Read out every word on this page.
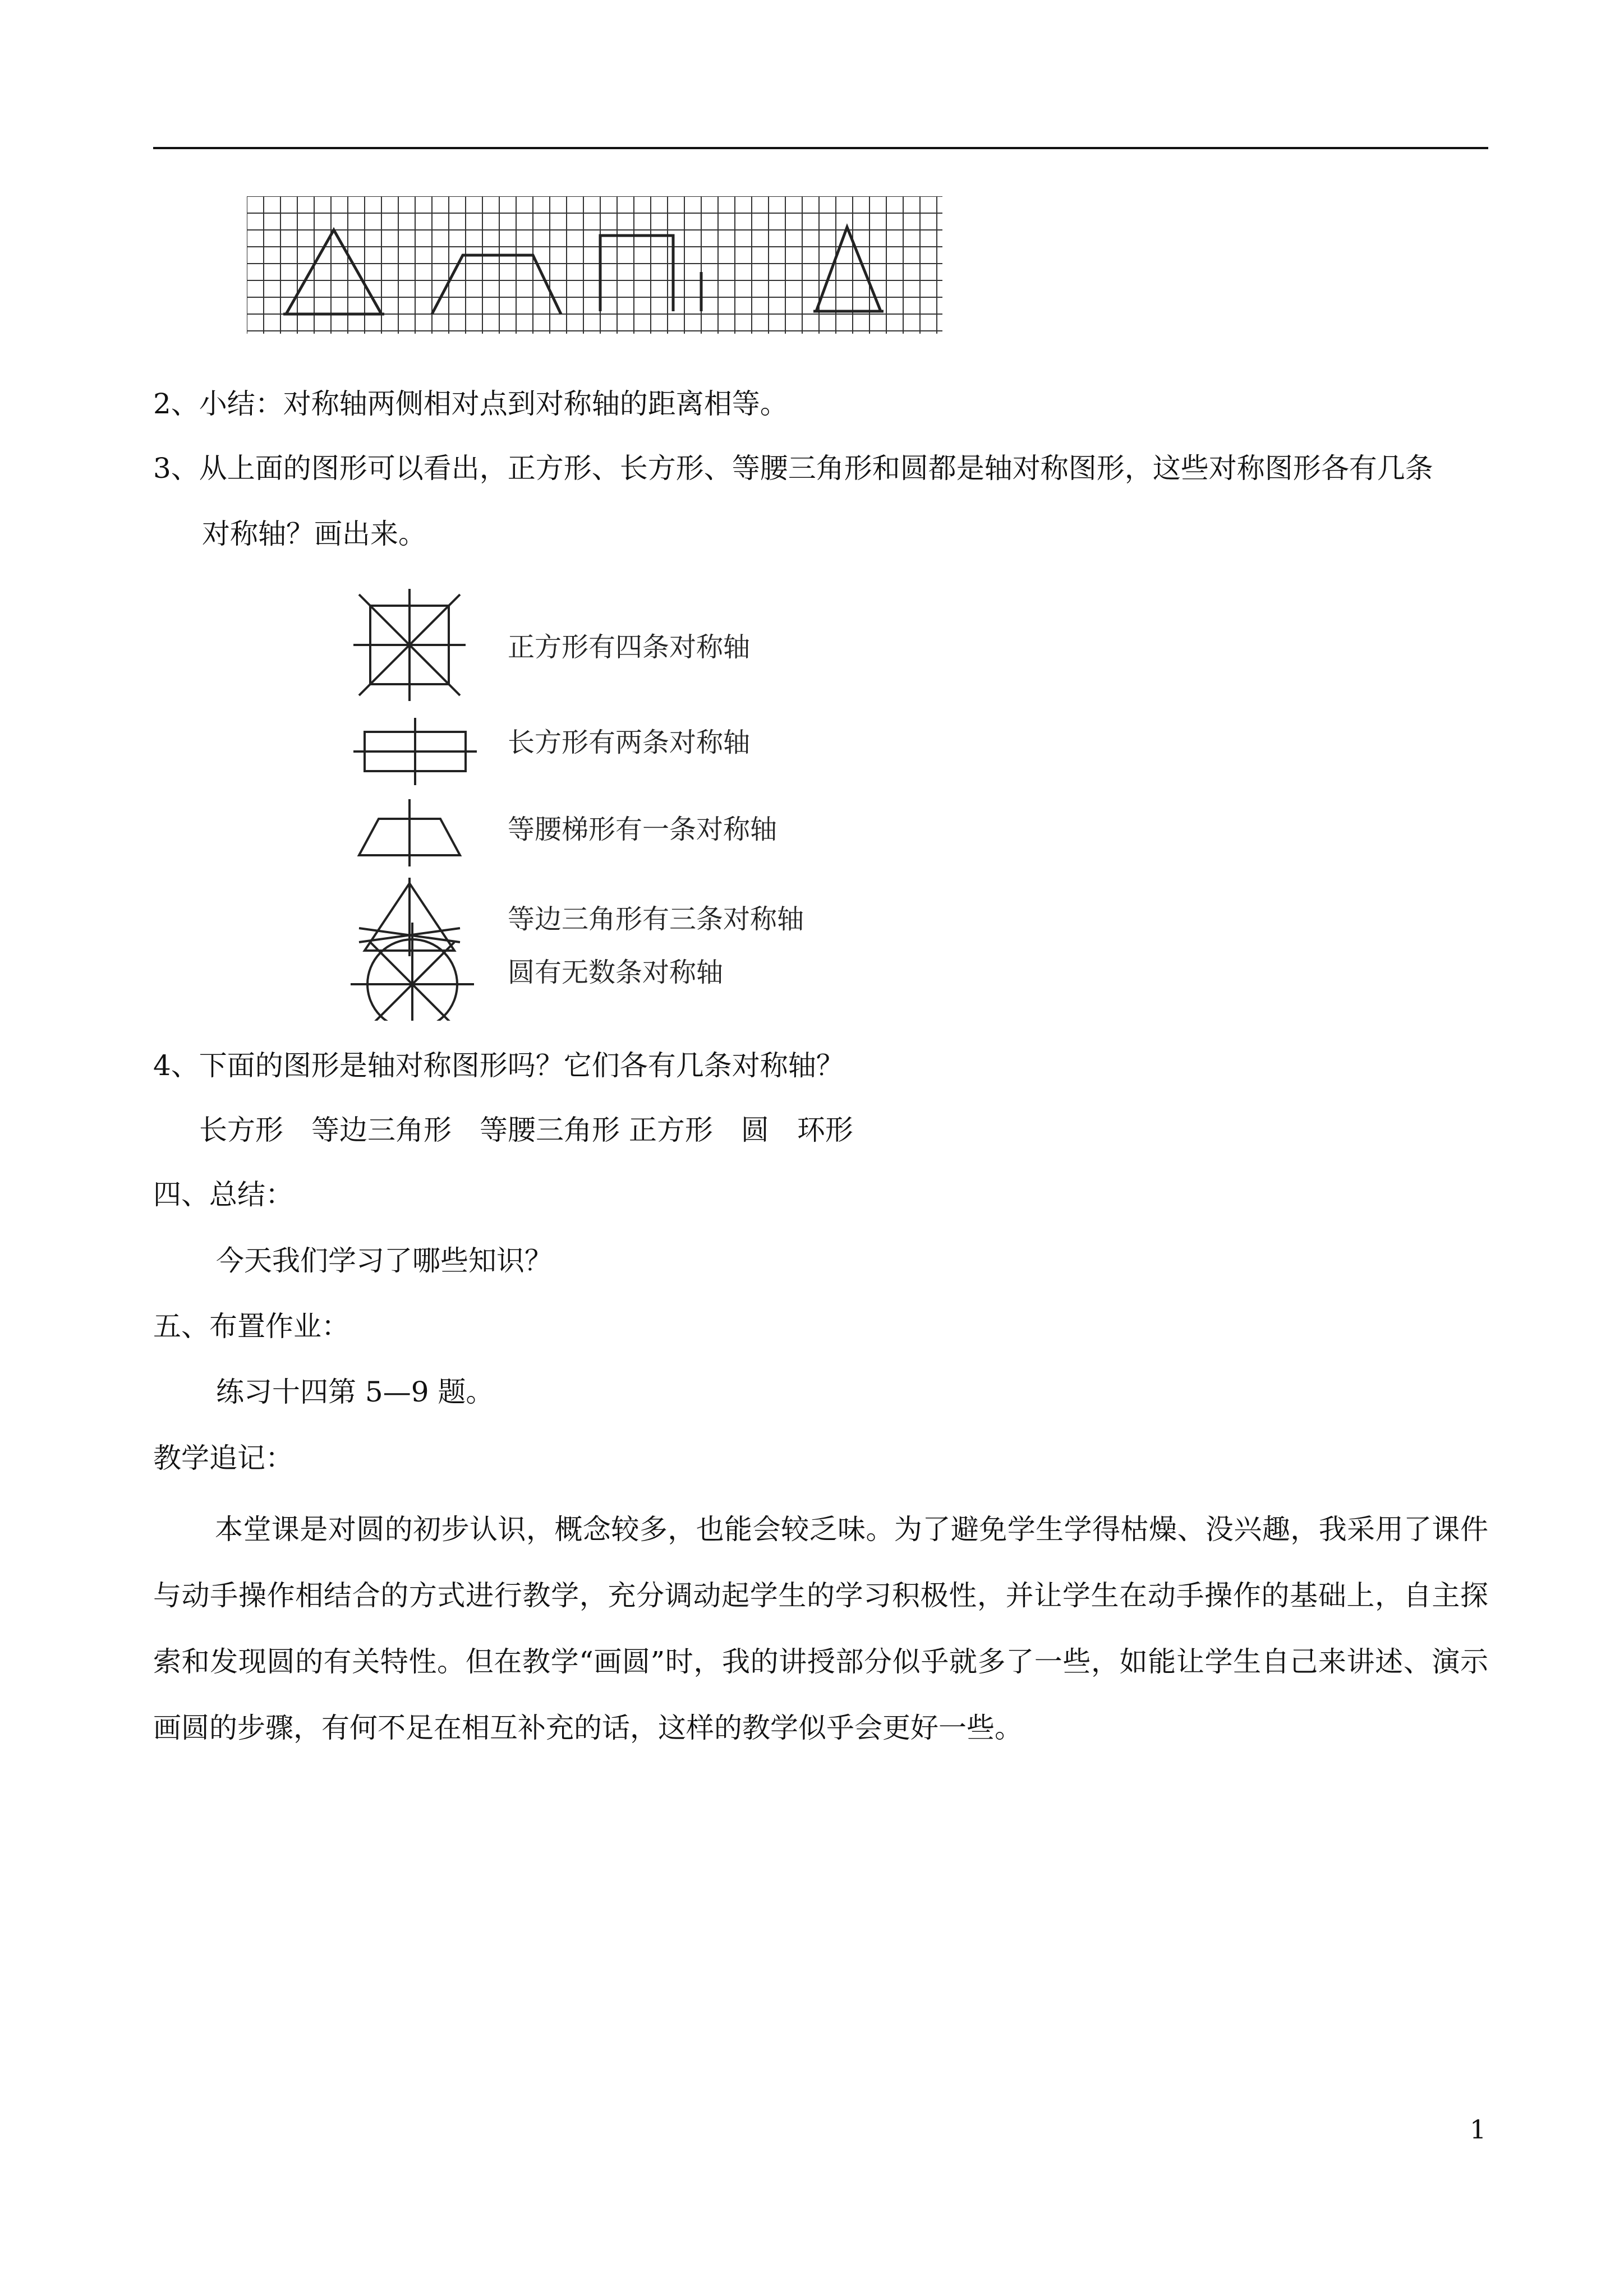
2、小结：对称轴两侧相对点到对称轴的距离相等。
3、从上面的图形可以看出，正方形、长方形、等腰三角形和圆都是轴对称图形，这些对称图形各有几条
对称轴？画出来。
正方形有四条对称轴
长方形有两条对称轴
等腰梯形有一条对称轴
等边三角形有三条对称轴
圆有无数条对称轴
4、下面的图形是轴对称图形吗？它们各有几条对称轴？
长方形　等边三角形　等腰三角形 正方形　圆　环形
四、总结：
今天我们学习了哪些知识？
五、布置作业：
练习十四第 5—9 题。
教学追记：
本堂课是对圆的初步认识，概念较多，也能会较乏味。为了避免学生学得枯燥、没兴趣，我采用了课件与动手操作相结合的方式进行教学，充分调动起学生的学习积极性，并让学生在动手操作的基础上，自主探索和发现圆的有关特性。但在教学“画圆”时，我的讲授部分似乎就多了一些，如能让学生自己来讲述、演示画圆的步骤，有何不足在相互补充的话，这样的教学似乎会更好一些。
1
